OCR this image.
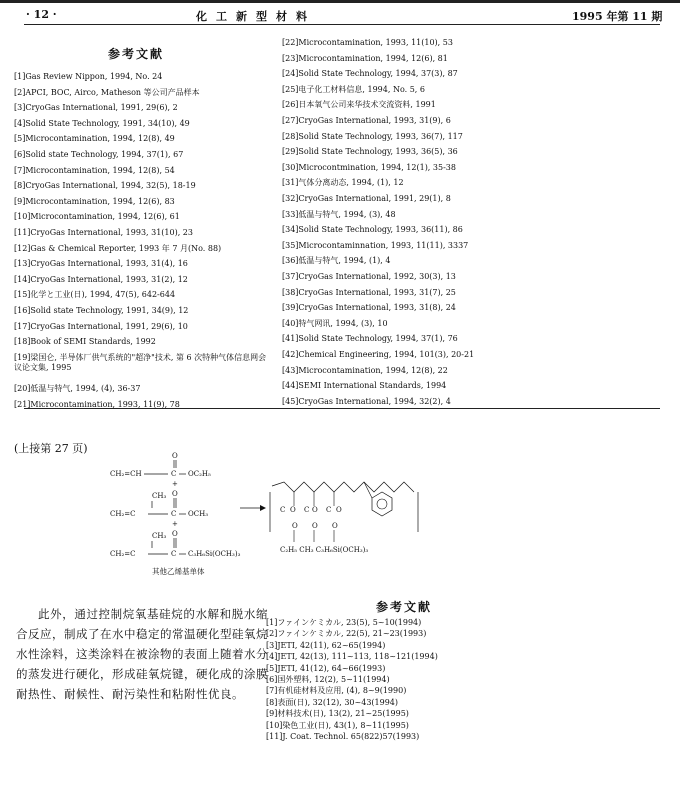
· 12 ·	化工新型材料	1995 年第 11 期
参考文献
[1]Gas Review Nippon, 1994, No. 24
[2]APCI, BOC, Airco, Matheson 等公司产品样本
[3]CryoGas International, 1991, 29(6), 2
[4]Solid State Technology, 1991, 34(10), 49
[5]Microcontamination, 1994, 12(8), 49
[6]Solid state Technology, 1994, 37(1), 67
[7]Microcontamination, 1994, 12(8), 54
[8]CryoGas International, 1994, 32(5), 18-19
[9]Microcontamination, 1994, 12(6), 83
[10]Microcontamination, 1994, 12(6), 61
[11]CryoGas International, 1993, 31(10), 23
[12]Gas & Chemical Reporter, 1993 年 7 月(No. 88)
[13]CryoGas International, 1993, 31(4), 16
[14]CryoGas International, 1993, 31(2), 12
[15]化学と工业(日), 1994, 47(5), 642-644
[16]Solid state Technology, 1991, 34(9), 12
[17]CryoGas International, 1991, 29(6), 10
[18]Book of SEMI Standards, 1992
[19]梁国仑, 半导体厂供气系统的"超净"技术, 第 6 次特种气体信息网会议论文集, 1995
[20]低温与特气, 1994, (4), 36-37
[21]Microcontamination, 1993, 11(9), 78
[22]Microcontamination, 1993, 11(10), 53
[23]Microcontamination, 1994, 12(6), 81
[24]Solid State Technology, 1994, 37(3), 87
[25]电子化工材料信息, 1994, No. 5, 6
[26]日本氧气公司来华技术交流资料, 1991
[27]CryoGas International, 1993, 31(9), 6
[28]Solid State Technology, 1993, 36(7), 117
[29]Solid State Technology, 1993, 36(5), 36
[30]Microcontmination, 1994, 12(1), 35-38
[31]气体分离动态, 1994, (1), 12
[32]CryoGas International, 1991, 29(1), 8
[33]低温与特气, 1994, (3), 48
[34]Solid State Technology, 1993, 36(11), 86
[35]Microcontaminnation, 1993, 11(11), 3337
[36]低温与特气, 1994, (1), 4
[37]CryoGas International, 1992, 30(3), 13
[38]CryoGas International, 1993, 31(7), 25
[39]CryoGas International, 1993, 31(8), 24
[40]特气网讯, 1994, (3), 10
[41]Solid State Technology, 1994, 37(1), 76
[42]Chemical Engineering, 1994, 101(3), 20-21
[43]Microcontamination, 1994, 12(8), 22
[44]SEMI International Standards, 1994
[45]CryoGas International, 1994, 32(2), 4
(上接第 27 页)
O
CH₂=CH	C OC₂H₅
+
CH₃ O
CH₂=C	C OCH₃
+
CH₃ O
CH₂=C	C C₃H₆Si(OCH₃)₃
其他乙烯基单体
C O C O C O
O O O
C₂H₅ CH₃ C₃H₆Si(OCH₃)₃
此外，通过控制烷氧基硅烷的水解和脱水缩合反应，制成了在水中稳定的常温硬化型硅氧烷水性涂料，这类涂料在被涂物的表面上随着水分的蒸发进行硬化，形成硅氧烷键，硬化成的涂膜耐热性、耐候性、耐污染性和粘附性优良。
参考文献
[1]ファインケミカル, 23(5), 5~10(1994)
[2]ファインケミカル, 22(5), 21~23(1993)
[3]JETI, 42(11), 62~65(1994)
[4]JETI, 42(13), 111~113, 118~121(1994)
[5]JETI, 41(12), 64~66(1993)
[6]国外塑料, 12(2), 5~11(1994)
[7]有机硅材料及应用, (4), 8~9(1990)
[8]表面(日), 32(12), 30~43(1994)
[9]材料技术(日), 13(2), 21~25(1995)
[10]染色工业(日), 43(1), 8~11(1995)
[11]J. Coat. Technol. 65(822)57(1993)
